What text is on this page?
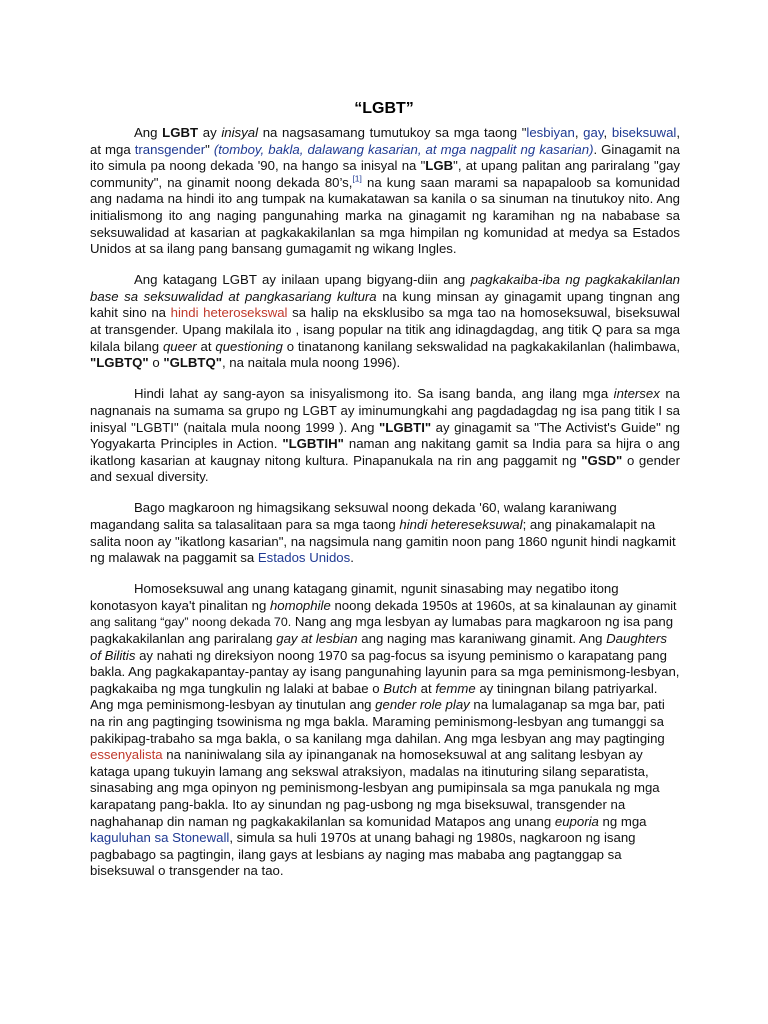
“LGBT”

Ang LGBT ay inisyal na nagsasamang tumutukoy sa mga taong "lesbiyan, gay, biseksuwal, at mga transgender" (tomboy, bakla, dalawang kasarian, at mga nagpalit ng kasarian). Ginagamit na ito simula pa noong dekada '90, na hango sa inisyal na "LGB", at upang palitan ang pariralang "gay community", na ginamit noong dekada 80’s,[1] na kung saan marami sa napapaloob sa komunidad ang nadama na hindi ito ang tumpak na kumakatawan sa kanila o sa sinuman na tinutukoy nito. Ang initialismong ito ang naging pangunahing marka na ginagamit ng karamihan ng na nababase sa seksuwalidad at kasarian at pagkakakilanlan sa mga himpilan ng komunidad at medya sa Estados Unidos at sa ilang pang bansang gumagamit ng wikang Ingles.

Ang katagang LGBT ay inilaan upang bigyang-diin ang pagkakaiba-iba ng pagkakakilanlan base sa seksuwalidad at pangkasariang kultura na kung minsan ay ginagamit upang tingnan ang kahit sino na hindi heterosekswal sa halip na eksklusibo sa mga tao na homoseksuwal, biseksuwal at transgender. Upang makilala ito , isang popular na titik ang idinagdagdag, ang titik Q para sa mga kilala bilang queer at questioning o tinatanong kanilang sekswalidad na pagkakakilanlan (halimbawa, "LGBTQ" o "GLBTQ", na naitala mula noong 1996).

Hindi lahat ay sang-ayon sa inisyalismong ito. Sa isang banda, ang ilang mga intersex na nagnanais na sumama sa grupo ng LGBT ay iminumungkahi ang pagdadagdag ng isa pang titik I sa inisyal "LGBTI" (naitala mula noong 1999 ). Ang "LGBTI" ay ginagamit sa "The Activist's Guide" ng Yogyakarta Principles in Action. "LGBTIH" naman ang nakitang gamit sa India para sa hijra o ang ikatlong kasarian at kaugnay nitong kultura. Pinapanukala na rin ang paggamit ng "GSD" o gender and sexual diversity.

Bago magkaroon ng himagsikang seksuwal noong dekada '60, walang karaniwang magandang salita sa talasalitaan para sa mga taong hindi hetereseksuwal; ang pinakamalapit na salita noon ay "ikatlong kasarian", na nagsimula nang gamitin noon pang 1860 ngunit hindi nagkamit ng malawak na paggamit sa Estados Unidos.

Homoseksuwal ang unang katagang ginamit, ngunit sinasabing may negatibo itong konotasyon kaya't pinalitan ng homophile noong dekada 1950s at 1960s, at sa kinalaunan ay ginamit ang salitang “gay” noong dekada 70. Nang ang mga lesbyan ay lumabas para magkaroon ng isa pang pagkakakilanlan ang pariralang gay at lesbian ang naging mas karaniwang ginamit. Ang Daughters of Bilitis ay nahati ng direksiyon noong 1970 sa pag-focus sa isyung peminismo o karapatang pang bakla. Ang pagkakapantay-pantay ay isang pangunahing layunin para sa mga peminismong-lesbyan, pagkakaiba ng mga tungkulin ng lalaki at babae o Butch at femme ay tiningnan bilang patriyarkal. Ang mga peminismong-lesbyan ay tinutulan ang gender role play na lumalaganap sa mga bar, pati na rin ang pagtinging tsowinisma ng mga bakla. Maraming peminismong-lesbyan ang tumanggi sa pakikipag-trabaho sa mga bakla, o sa kanilang mga dahilan. Ang mga lesbyan ang may pagtinging essenyalista na naniniwalang sila ay ipinanganak na homoseksuwal at ang salitang lesbyan ay kataga upang tukuyin lamang ang sekswal atraksiyon, madalas na itinuturing silang separatista, sinasabing ang mga opinyon ng peminismong-lesbyan ang pumipinsala sa mga panukala ng mga karapatang pang-bakla. Ito ay sinundan ng pag-usbong ng mga biseksuwal, transgender na naghahanap din naman ng pagkakakilanlan sa komunidad Matapos ang unang euporia ng mga kaguluhan sa Stonewall, simula sa huli 1970s at unang bahagi ng 1980s, nagkaroon ng isang pagbabago sa pagtingin, ilang gays at lesbians ay naging mas mababa ang pagtanggap sa biseksuwal o transgender na tao.
